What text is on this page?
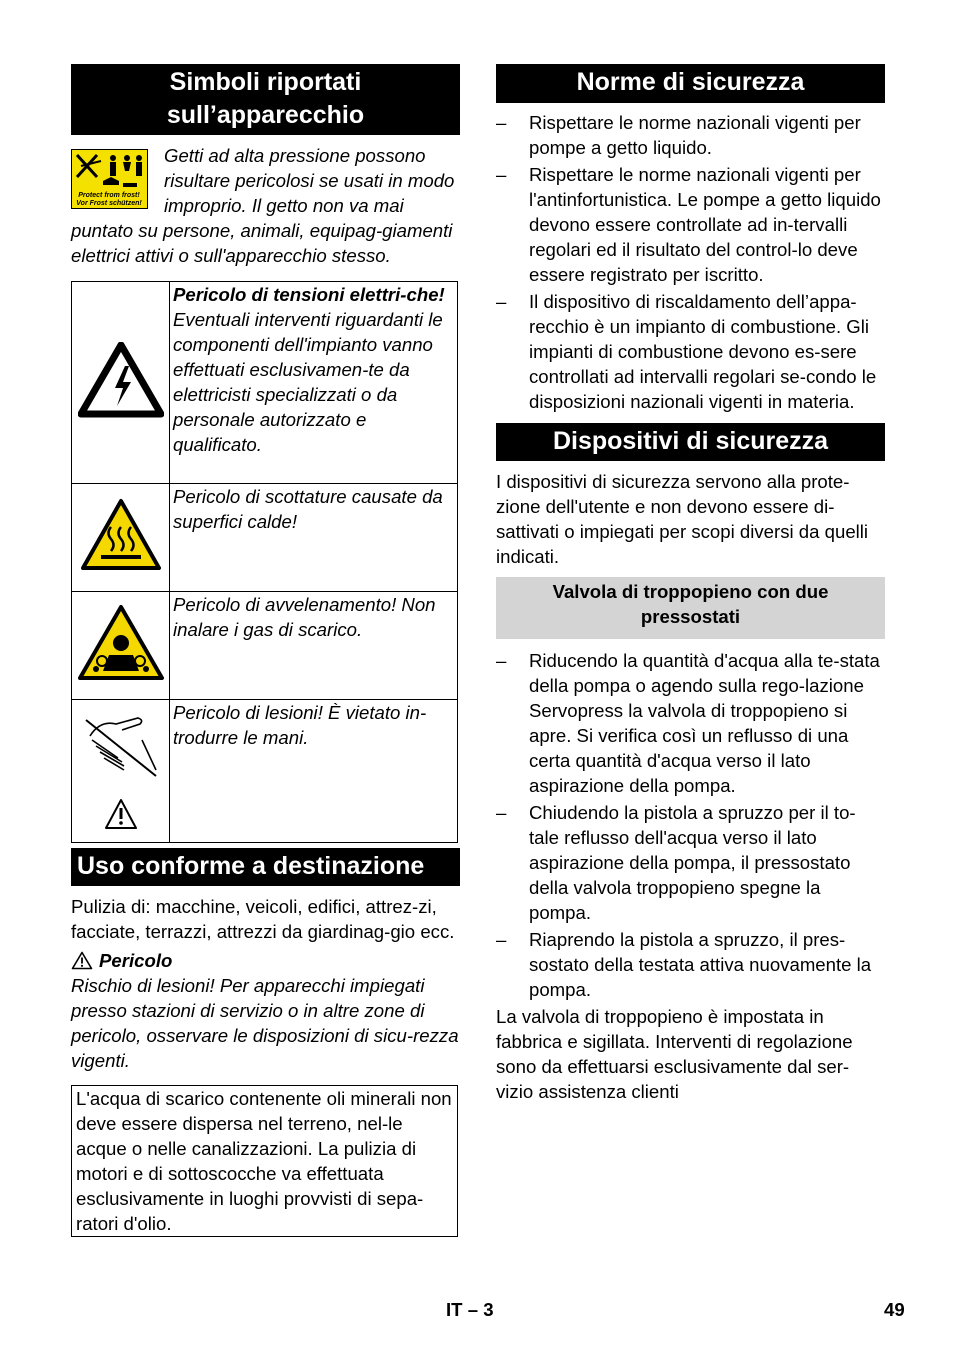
Simboli riportati sull’apparecchio
Protect from frost!
Vor Frost schützen!

Getti ad alta pressione possono risultare pericolosi se usati in modo improprio. Il getto non va mai puntato su persone, animali, equipag-giamenti elettrici attivi o sull'apparecchio stesso.

Pericolo di tensioni elettri-che!
Eventuali interventi riguardanti le componenti dell'impianto vanno effettuati esclusivamen-te da elettricisti specializzati o da personale autorizzato e qualificato.

Pericolo di scottature causate da superfici calde!

Pericolo di avvelenamento! Non inalare i gas di scarico.

Pericolo di lesioni! È vietato in-trodurre le mani.
Uso conforme a destinazione

Pulizia di: macchine, veicoli, edifici, attrez-zi, facciate, terrazzi, attrezzi da giardinag-gio ecc.

Pericolo

Rischio di lesioni! Per apparecchi impiegati presso stazioni di servizio o in altre zone di pericolo, osservare le disposizioni di sicu-rezza vigenti.

L'acqua di scarico contenente oli minerali non deve essere dispersa nel terreno, nel-le acque o nelle canalizzazioni. La pulizia di motori e di sottoscocche va effettuata esclusivamente in luoghi provvisti di sepa-ratori d'olio.

Norme di sicurezza
– Rispettare le norme nazionali vigenti per pompe a getto liquido.
– Rispettare le norme nazionali vigenti per l'antinfortunistica. Le pompe a getto liquido devono essere controllate ad in-tervalli regolari ed il risultato del control-lo deve essere registrato per iscritto.
– Il dispositivo di riscaldamento dell’appa-recchio è un impianto di combustione. Gli impianti di combustione devono es-sere controllati ad intervalli regolari se-condo le disposizioni nazionali vigenti in materia.
Dispositivi di sicurezza

I dispositivi di sicurezza servono alla prote-zione dell'utente e non devono essere di-sattivati o impiegati per scopi diversi da quelli indicati.

Valvola di troppopieno con due pressostati
– Riducendo la quantità d'acqua alla te-stata della pompa o agendo sulla rego-lazione Servopress la valvola di troppopieno si apre. Si verifica così un reflusso di una certa quantità d'acqua verso il lato aspirazione della pompa.
– Chiudendo la pistola a spruzzo per il to-tale reflusso dell'acqua verso il lato aspirazione della pompa, il pressostato della valvola troppopieno spegne la pompa.
– Riaprendo la pistola a spruzzo, il pres-sostato della testata attiva nuovamente la pompa.

La valvola di troppopieno è impostata in fabbrica e sigillata. Interventi di regolazione sono da effettuarsi esclusivamente dal ser-vizio assistenza clienti

IT – 3	49
